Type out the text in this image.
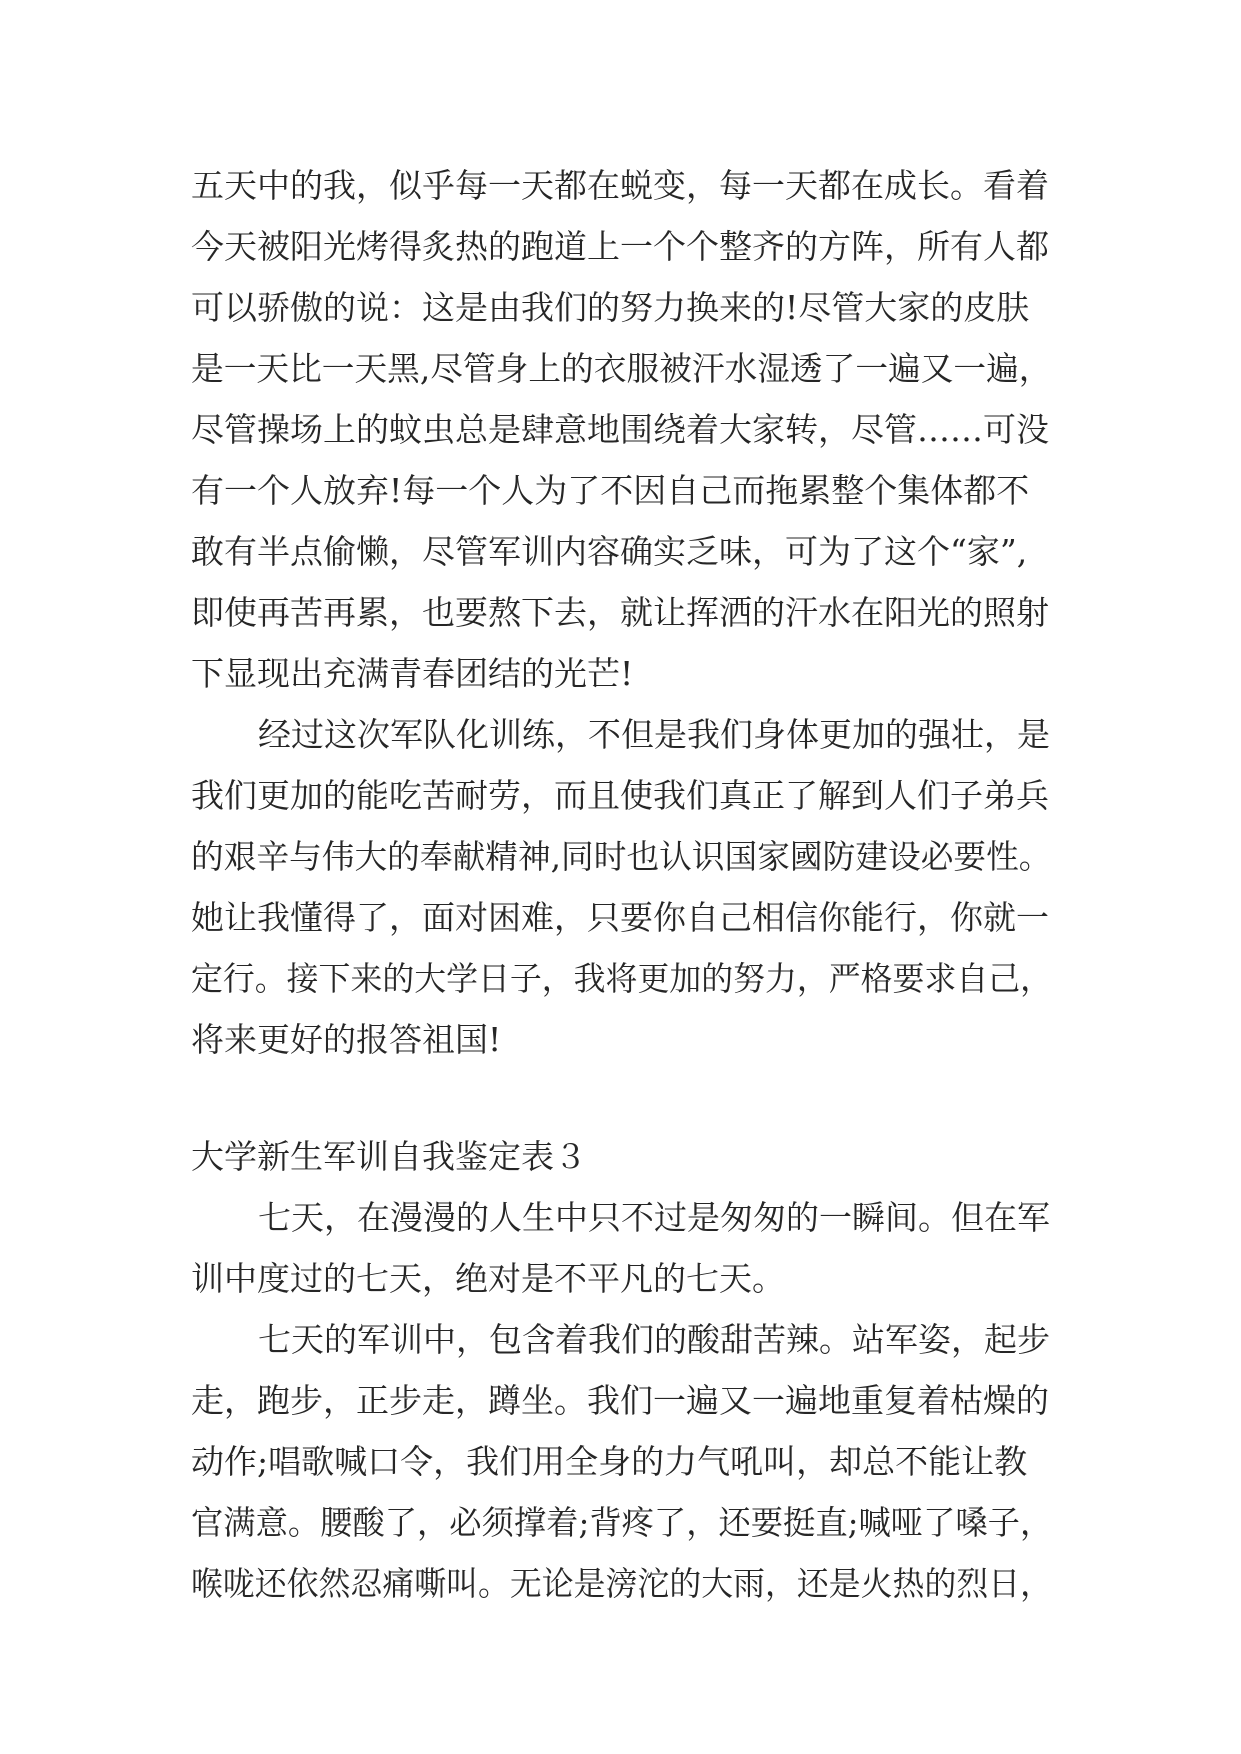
五天中的我，似乎每一天都在蜕变，每一天都在成长。看着
今天被阳光烤得炙热的跑道上一个个整齐的方阵，所有人都
可以骄傲的说：这是由我们的努力换来的!尽管大家的皮肤
是一天比一天黑,尽管身上的衣服被汗水湿透了一遍又一遍，
尽管操场上的蚊虫总是肆意地围绕着大家转，尽管……可没
有一个人放弃!每一个人为了不因自己而拖累整个集体都不
敢有半点偷懒，尽管军训内容确实乏味，可为了这个“家”,
即使再苦再累，也要熬下去，就让挥洒的汗水在阳光的照射
下显现出充满青春团结的光芒!
经过这次军队化训练，不但是我们身体更加的强壮，是
我们更加的能吃苦耐劳，而且使我们真正了解到人们子弟兵
的艰辛与伟大的奉献精神,同时也认识国家國防建设必要性。
她让我懂得了，面对困难，只要你自己相信你能行，你就一
定行。接下来的大学日子，我将更加的努力，严格要求自己，
将来更好的报答祖国!
大学新生军训自我鉴定表３
七天，在漫漫的人生中只不过是匆匆的一瞬间。但在军
训中度过的七天，绝对是不平凡的七天。
七天的军训中，包含着我们的酸甜苦辣。站军姿，起步
走，跑步，正步走，蹲坐。我们一遍又一遍地重复着枯燥的
动作;唱歌喊口令，我们用全身的力气吼叫，却总不能让教
官满意。腰酸了，必须撑着;背疼了，还要挺直;喊哑了嗓子，
喉咙还依然忍痛嘶叫。无论是滂沱的大雨，还是火热的烈日，
